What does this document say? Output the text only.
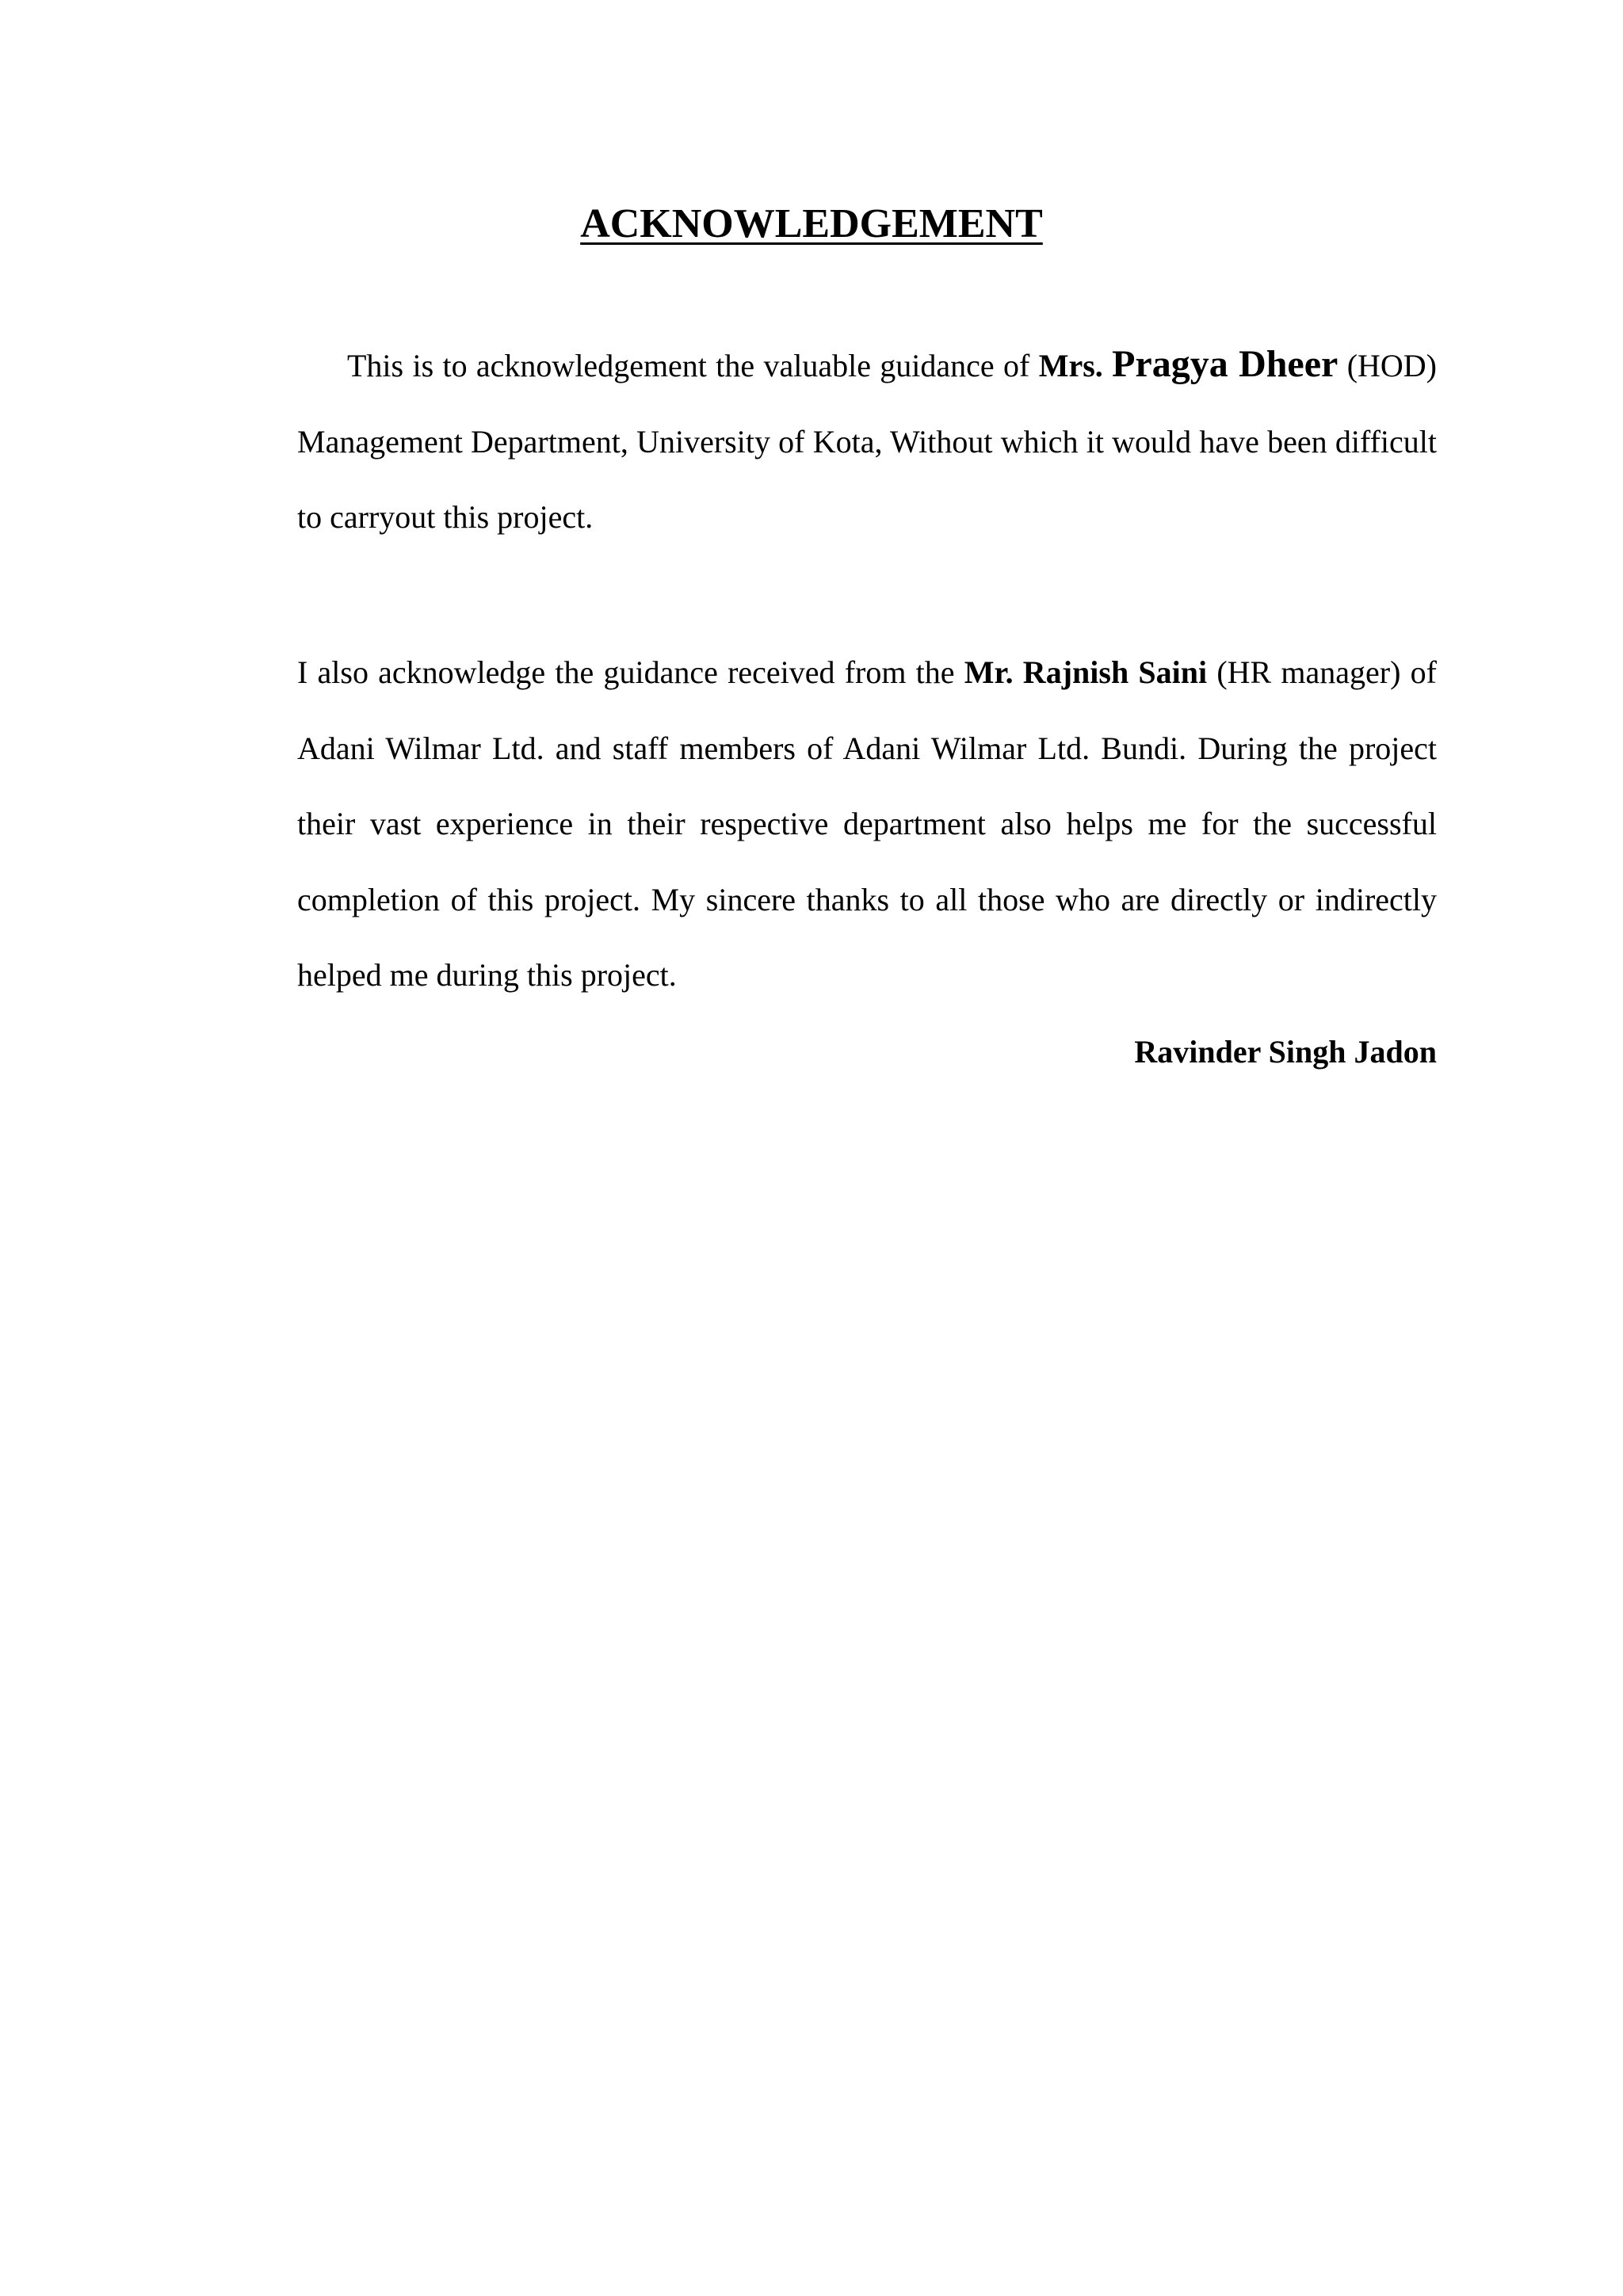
ACKNOWLEDGEMENT

This is to acknowledgement the valuable guidance of Mrs. Pragya Dheer (HOD) Management Department, University of Kota, Without which it would have been difficult to carryout this project.

I also acknowledge the guidance received from the Mr. Rajnish Saini (HR manager) of Adani Wilmar Ltd. and staff members of Adani Wilmar Ltd. Bundi. During the project their vast experience in their respective department also helps me for the successful completion of this project. My sincere thanks to all those who are directly or indirectly helped me during this project.

Ravinder Singh Jadon
